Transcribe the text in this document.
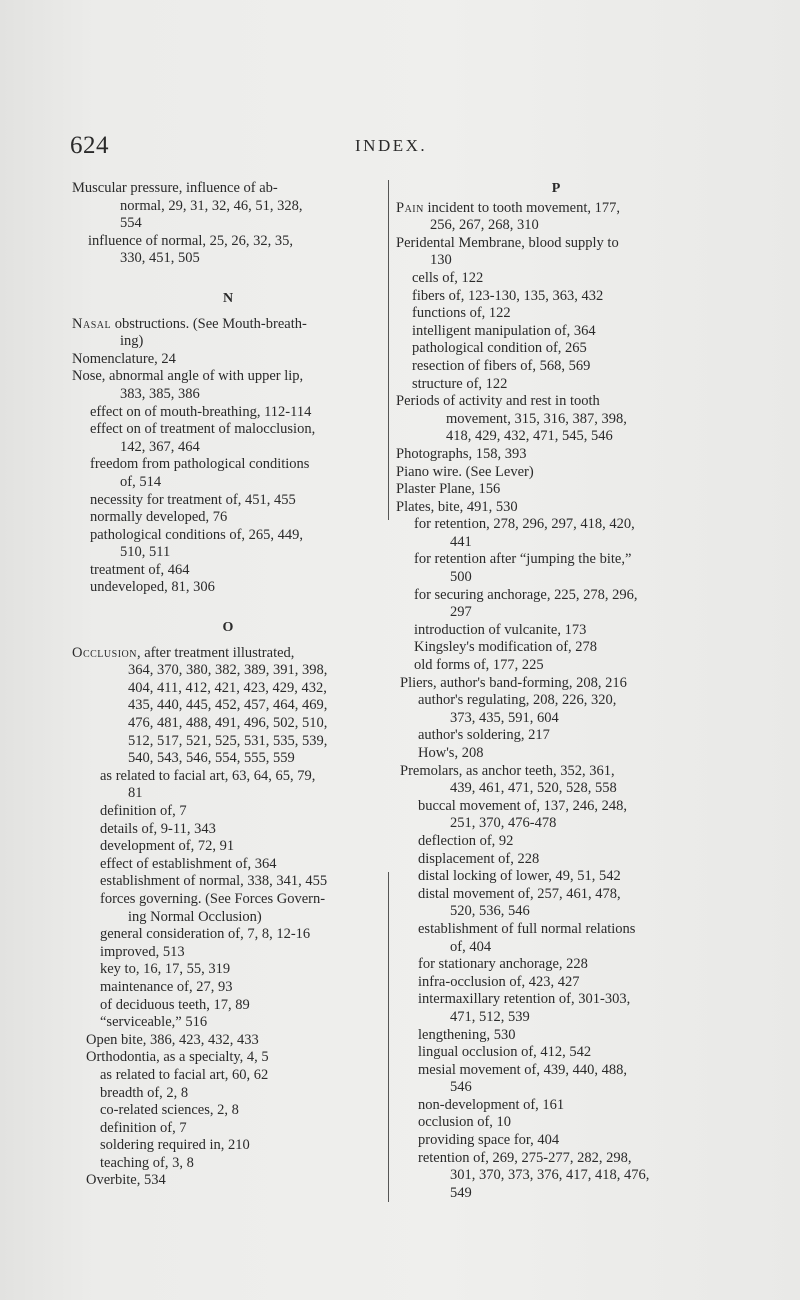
624	INDEX.
Muscular pressure, influence of ab-
normal, 29, 31, 32, 46, 51, 328,
554
influence of normal, 25, 26, 32, 35,
330, 451, 505
N
Nasal obstructions. (See Mouth-breath-
ing)
Nomenclature, 24
Nose, abnormal angle of with upper lip,
383, 385, 386
effect on of mouth-breathing, 112-114
effect on of treatment of malocclusion,
142, 367, 464
freedom from pathological conditions
of, 514
necessity for treatment of, 451, 455
normally developed, 76
pathological conditions of, 265, 449,
510, 511
treatment of, 464
undeveloped, 81, 306
O
Occlusion, after treatment illustrated,
364, 370, 380, 382, 389, 391, 398,
404, 411, 412, 421, 423, 429, 432,
435, 440, 445, 452, 457, 464, 469,
476, 481, 488, 491, 496, 502, 510,
512, 517, 521, 525, 531, 535, 539,
540, 543, 546, 554, 555, 559
as related to facial art, 63, 64, 65, 79,
81
definition of, 7
details of, 9-11, 343
development of, 72, 91
effect of establishment of, 364
establishment of normal, 338, 341, 455
forces governing. (See Forces Govern-
ing Normal Occlusion)
general consideration of, 7, 8, 12-16
improved, 513
key to, 16, 17, 55, 319
maintenance of, 27, 93
of deciduous teeth, 17, 89
“serviceable,” 516
Open bite, 386, 423, 432, 433
Orthodontia, as a specialty, 4, 5
as related to facial art, 60, 62
breadth of, 2, 8
co-related sciences, 2, 8
definition of, 7
soldering required in, 210
teaching of, 3, 8
Overbite, 534
P
Pain incident to tooth movement, 177,
256, 267, 268, 310
Peridental Membrane, blood supply to
130
cells of, 122
fibers of, 123-130, 135, 363, 432
functions of, 122
intelligent manipulation of, 364
pathological condition of, 265
resection of fibers of, 568, 569
structure of, 122
Periods of activity and rest in tooth
movement, 315, 316, 387, 398,
418, 429, 432, 471, 545, 546
Photographs, 158, 393
Piano wire. (See Lever)
Plaster Plane, 156
Plates, bite, 491, 530
for retention, 278, 296, 297, 418, 420,
441
for retention after “jumping the bite,”
500
for securing anchorage, 225, 278, 296,
297
introduction of vulcanite, 173
Kingsley's modification of, 278
old forms of, 177, 225
Pliers, author's band-forming, 208, 216
author's regulating, 208, 226, 320,
373, 435, 591, 604
author's soldering, 217
How's, 208
Premolars, as anchor teeth, 352, 361,
439, 461, 471, 520, 528, 558
buccal movement of, 137, 246, 248,
251, 370, 476-478
deflection of, 92
displacement of, 228
distal locking of lower, 49, 51, 542
distal movement of, 257, 461, 478,
520, 536, 546
establishment of full normal relations
of, 404
for stationary anchorage, 228
infra-occlusion of, 423, 427
intermaxillary retention of, 301-303,
471, 512, 539
lengthening, 530
lingual occlusion of, 412, 542
mesial movement of, 439, 440, 488,
546
non-development of, 161
occlusion of, 10
providing space for, 404
retention of, 269, 275-277, 282, 298,
301, 370, 373, 376, 417, 418, 476,
549
